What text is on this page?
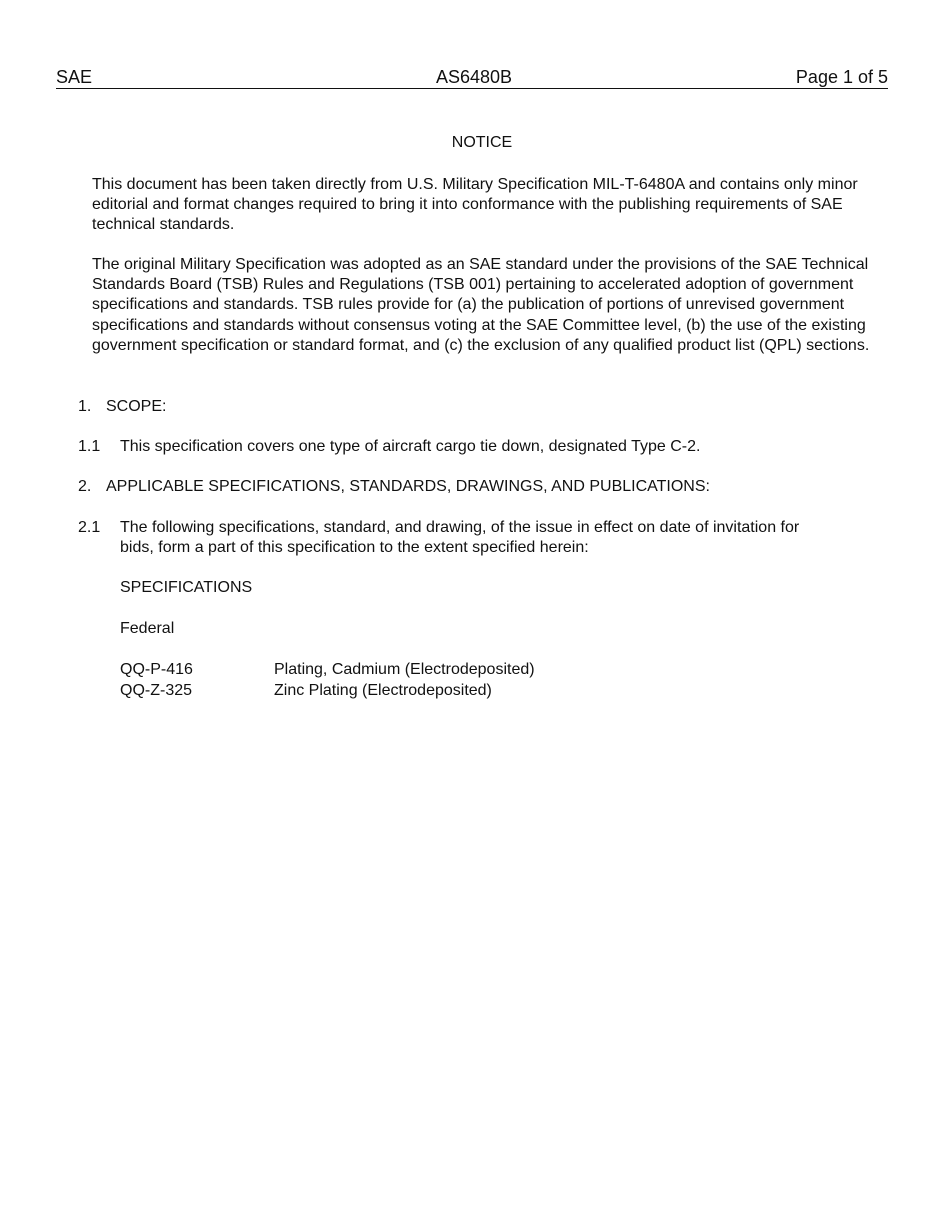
SAE	AS6480B	Page 1 of 5
NOTICE
This document has been taken directly from U.S. Military Specification MIL-T-6480A and contains only minor editorial and format changes required to bring it into conformance with the publishing requirements of SAE technical standards.
The original Military Specification was adopted as an SAE standard under the provisions of the SAE Technical Standards Board (TSB) Rules and Regulations (TSB 001) pertaining to accelerated adoption of government specifications and standards. TSB rules provide for (a) the publication of portions of unrevised government specifications and standards without consensus voting at the SAE Committee level, (b) the use of the existing government specification or standard format, and (c) the exclusion of any qualified product list (QPL) sections.
1. SCOPE:
1.1 This specification covers one type of aircraft cargo tie down, designated Type C-2.
2. APPLICABLE SPECIFICATIONS, STANDARDS, DRAWINGS, AND PUBLICATIONS:
2.1 The following specifications, standard, and drawing, of the issue in effect on date of invitation for
bids, form a part of this specification to the extent specified herein:
SPECIFICATIONS
Federal
QQ-P-416	Plating, Cadmium (Electrodeposited)
QQ-Z-325	Zinc Plating (Electrodeposited)
